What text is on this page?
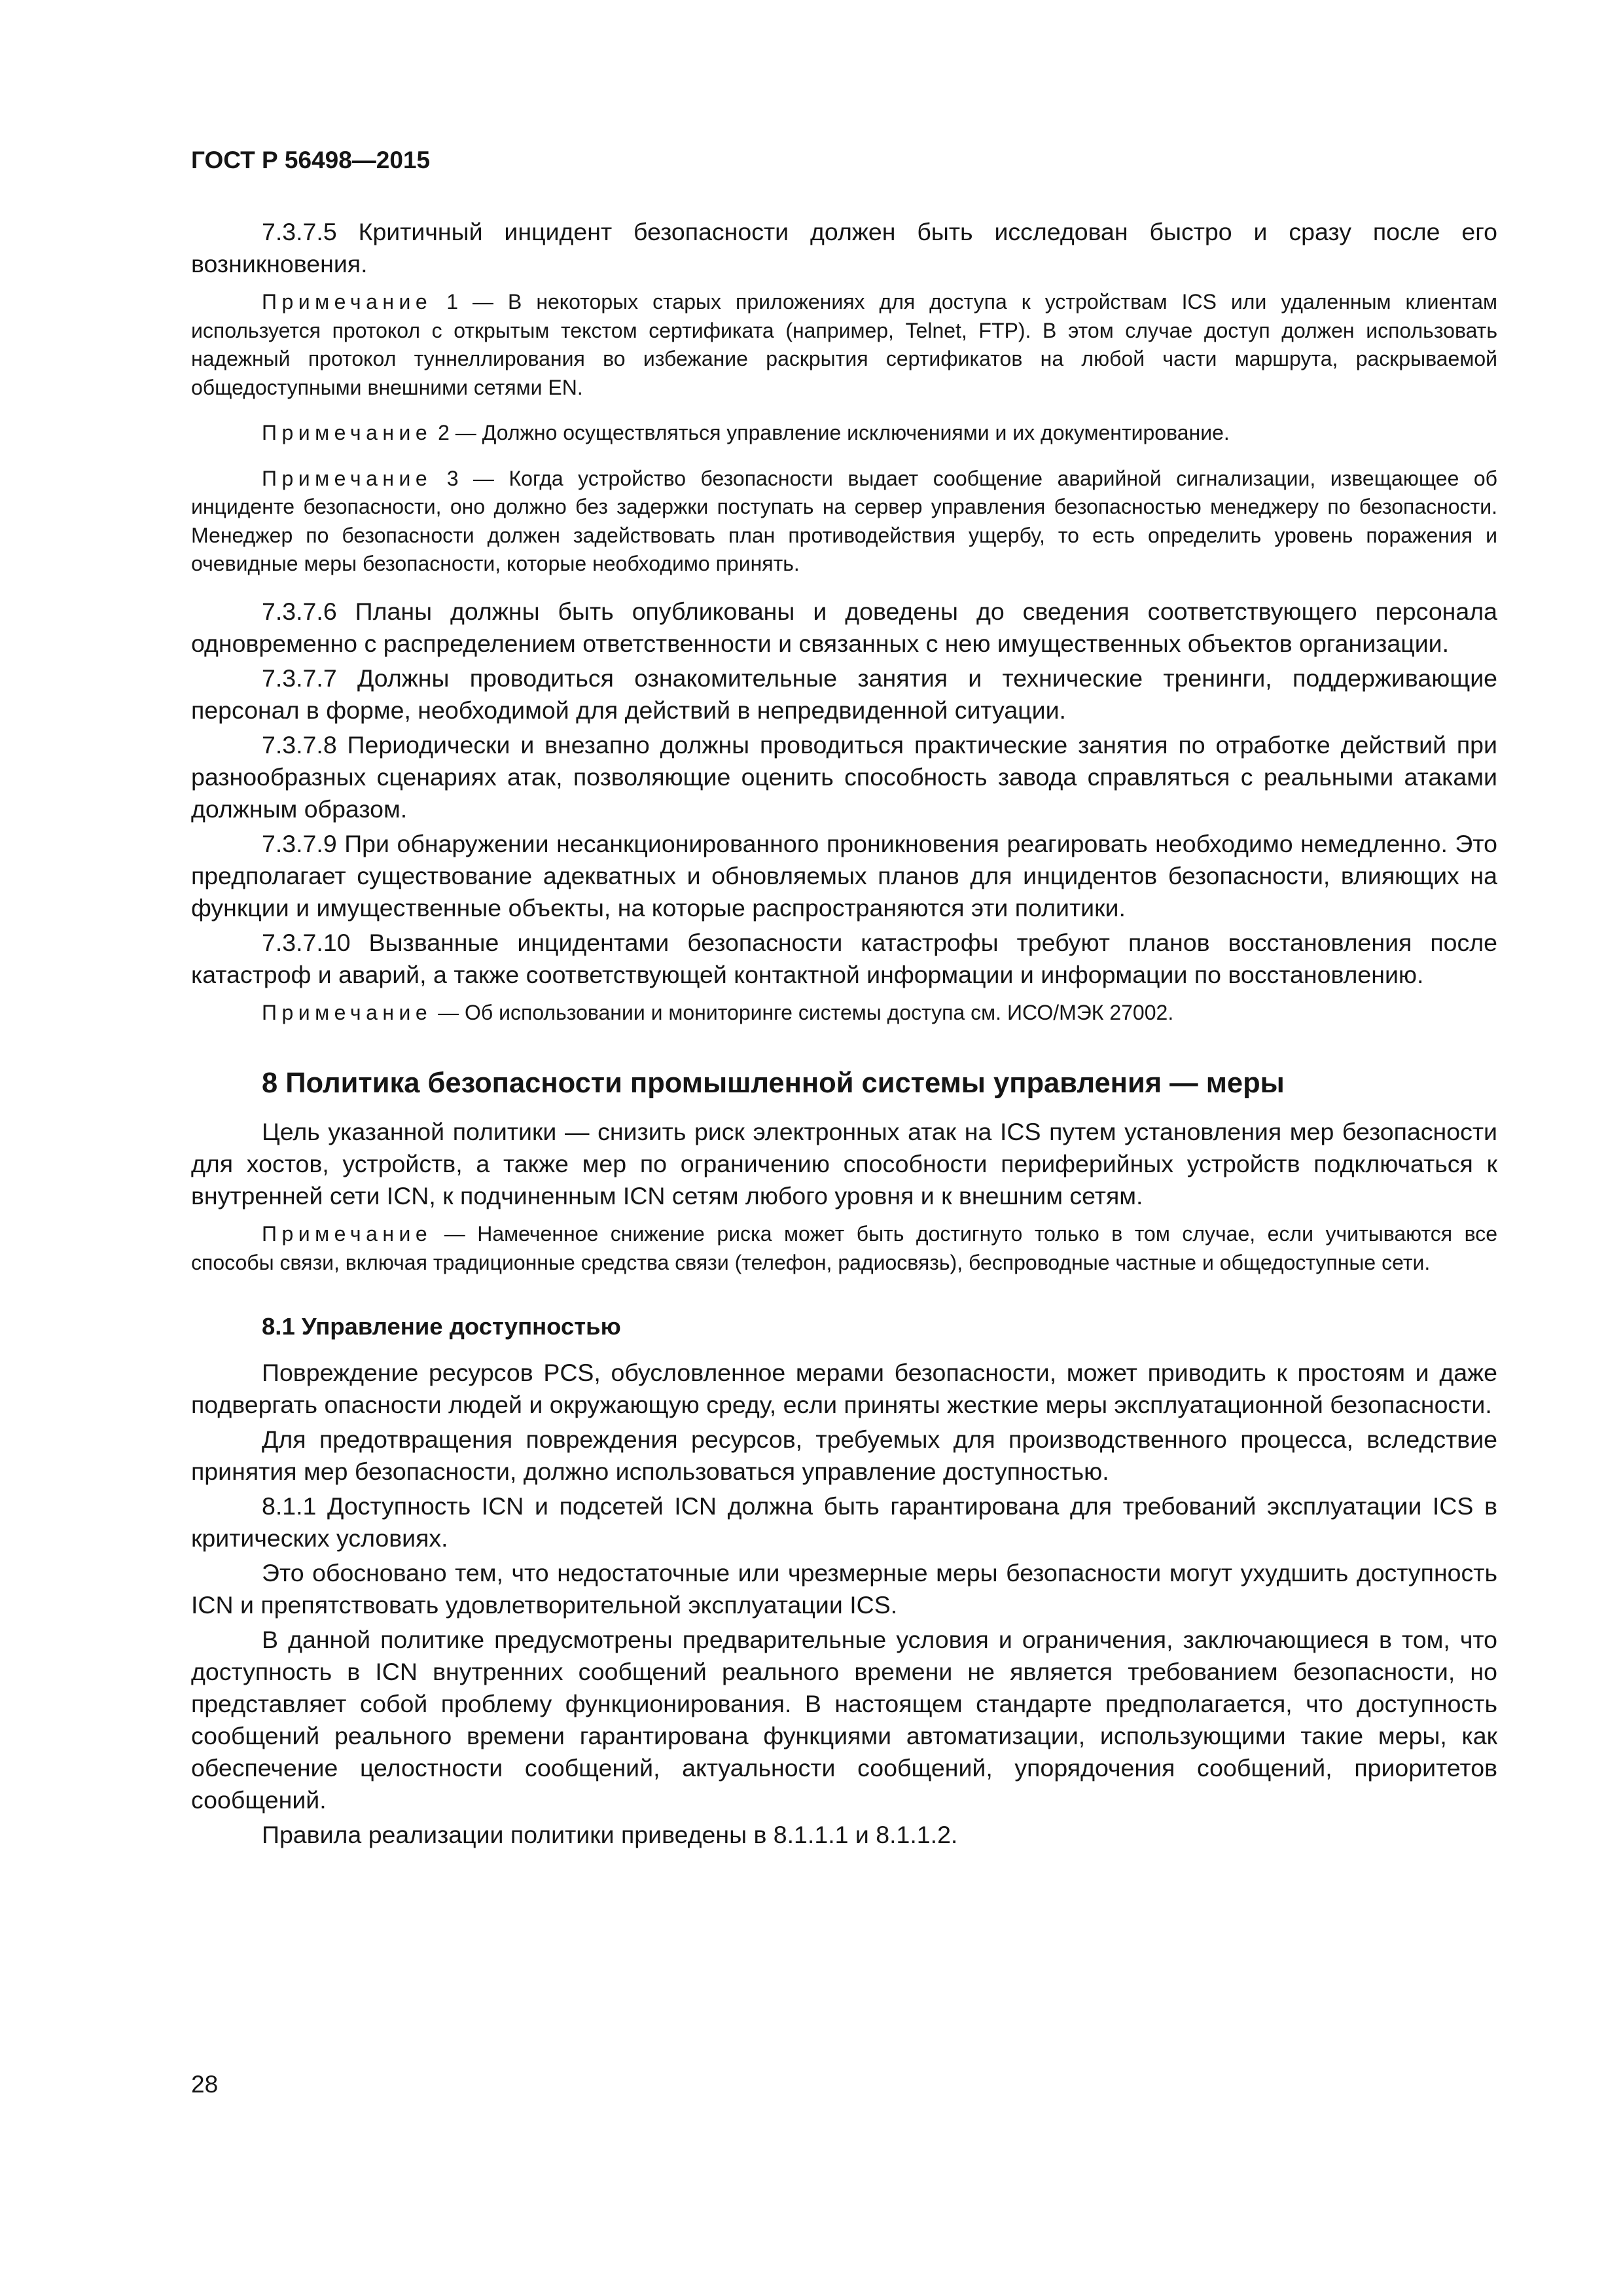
ГОСТ Р 56498—2015

7.3.7.5 Критичный инцидент безопасности должен быть исследован быстро и сразу после его возникновения.

Примечание 1 — В некоторых старых приложениях для доступа к устройствам ICS или удаленным клиентам используется протокол с открытым текстом сертификата (например, Telnet, FTP). В этом случае доступ должен использовать надежный протокол туннеллирования во избежание раскрытия сертификатов на любой части маршрута, раскрываемой общедоступными внешними сетями EN.

Примечание 2 — Должно осуществляться управление исключениями и их документирование.

Примечание 3 — Когда устройство безопасности выдает сообщение аварийной сигнализации, извещающее об инциденте безопасности, оно должно без задержки поступать на сервер управления безопасностью менеджеру по безопасности. Менеджер по безопасности должен задействовать план противодействия ущербу, то есть определить уровень поражения и очевидные меры безопасности, которые необходимо принять.

7.3.7.6 Планы должны быть опубликованы и доведены до сведения соответствующего персонала одновременно с распределением ответственности и связанных с нею имущественных объектов организации.

7.3.7.7 Должны проводиться ознакомительные занятия и технические тренинги, поддерживающие персонал в форме, необходимой для действий в непредвиденной ситуации.

7.3.7.8 Периодически и внезапно должны проводиться практические занятия по отработке действий при разнообразных сценариях атак, позволяющие оценить способность завода справляться с реальными атаками должным образом.

7.3.7.9 При обнаружении несанкционированного проникновения реагировать необходимо немедленно. Это предполагает существование адекватных и обновляемых планов для инцидентов безопасности, влияющих на функции и имущественные объекты, на которые распространяются эти политики.

7.3.7.10 Вызванные инцидентами безопасности катастрофы требуют планов восстановления после катастроф и аварий, а также соответствующей контактной информации и информации по восстановлению.

Примечание — Об использовании и мониторинге системы доступа см. ИСО/МЭК 27002.

8 Политика безопасности промышленной системы управления — меры

Цель указанной политики — снизить риск электронных атак на ICS путем установления мер безопасности для хостов, устройств, а также мер по ограничению способности периферийных устройств подключаться к внутренней сети ICN, к подчиненным ICN сетям любого уровня и к внешним сетям.

Примечание — Намеченное снижение риска может быть достигнуто только в том случае, если учитываются все способы связи, включая традиционные средства связи (телефон, радиосвязь), беспроводные частные и общедоступные сети.

8.1 Управление доступностью

Повреждение ресурсов PCS, обусловленное мерами безопасности, может приводить к простоям и даже подвергать опасности людей и окружающую среду, если приняты жесткие меры эксплуатационной безопасности.

Для предотвращения повреждения ресурсов, требуемых для производственного процесса, вследствие принятия мер безопасности, должно использоваться управление доступностью.

8.1.1 Доступность ICN и подсетей ICN должна быть гарантирована для требований эксплуатации ICS в критических условиях.

Это обосновано тем, что недостаточные или чрезмерные меры безопасности могут ухудшить доступность ICN и препятствовать удовлетворительной эксплуатации ICS.

В данной политике предусмотрены предварительные условия и ограничения, заключающиеся в том, что доступность в ICN внутренних сообщений реального времени не является требованием безопасности, но представляет собой проблему функционирования. В настоящем стандарте предполагается, что доступность сообщений реального времени гарантирована функциями автоматизации, использующими такие меры, как обеспечение целостности сообщений, актуальности сообщений, упорядочения сообщений, приоритетов сообщений.

Правила реализации политики приведены в 8.1.1.1 и 8.1.1.2.

28
